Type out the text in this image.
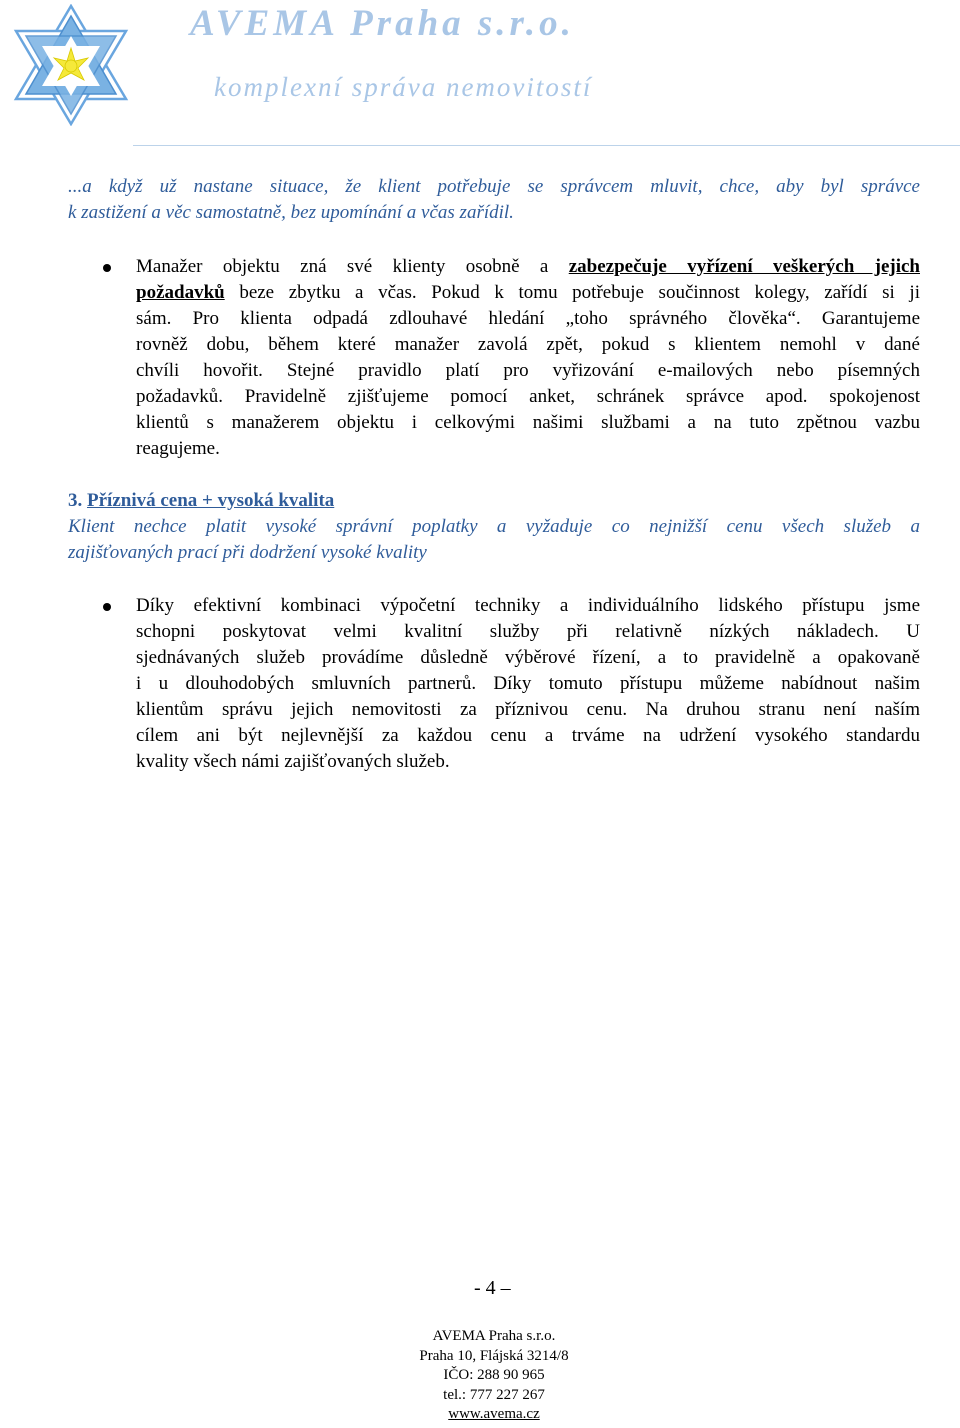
AVEMA Praha s.r.o.
komplexní správa nemovitostí
...a když už nastane situace, že klient potřebuje se správcem mluvit, chce, aby byl správce
k zastižení a věc samostatně, bez upomínání a včas zařídil.
Manažer objektu zná své klienty osobně a zabezpečuje vyřízení veškerých jejich
požadavků beze zbytku a včas. Pokud k tomu potřebuje součinnost kolegy, zařídí si ji
sám. Pro klienta odpadá zdlouhavé hledání „toho správného člověka“. Garantujeme
rovněž dobu, během které manažer zavolá zpět, pokud s klientem nemohl v dané
chvíli hovořit. Stejné pravidlo platí pro vyřizování e-mailových nebo písemných
požadavků. Pravidelně zjišťujeme pomocí anket, schránek správce apod. spokojenost
klientů s manažerem objektu i celkovými našimi službami a na tuto zpětnou vazbu
reagujeme.
3. Příznivá cena + vysoká kvalita
Klient nechce platit vysoké správní poplatky a vyžaduje co nejnižší cenu všech služeb a
zajišťovaných prací při dodržení vysoké kvality
Díky efektivní kombinaci výpočetní techniky a individuálního lidského přístupu jsme
schopni poskytovat velmi kvalitní služby při relativně nízkých nákladech. U
sjednávaných služeb provádíme důsledně výběrové řízení, a to pravidelně a opakovaně
i u dlouhodobých smluvních partnerů. Díky tomuto přístupu můžeme nabídnout našim
klientům správu jejich nemovitosti za příznivou cenu. Na druhou stranu není naším
cílem ani být nejlevnější za každou cenu a trváme na udržení vysokého standardu
kvality všech námi zajišťovaných služeb.
- 4 –
AVEMA Praha s.r.o.
Praha 10, Flájská 3214/8
IČO: 288 90 965
tel.: 777 227 267
www.avema.cz
